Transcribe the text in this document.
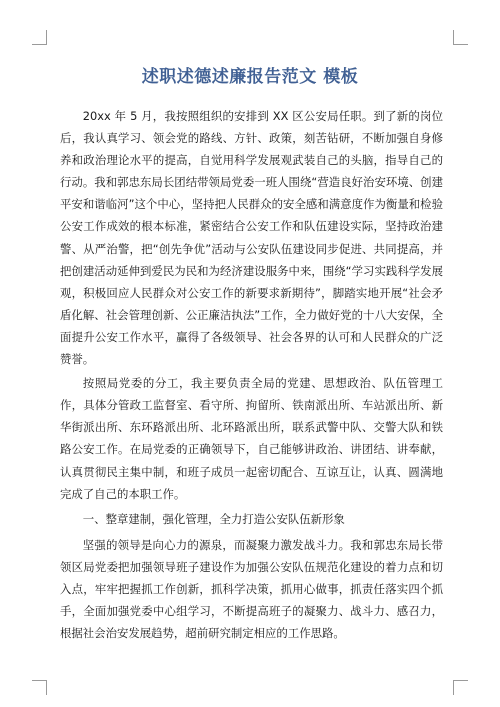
述职述德述廉报告范文 模板

20xx 年 5 月，我按照组织的安排到 XX 区公安局任职。到了新的岗位后，我认真学习、领会党的路线、方针、政策，刻苦钻研，不断加强自身修养和政治理论水平的提高，自觉用科学发展观武装自己的头脑，指导自己的行动。我和郭忠东局长团结带领局党委一班人围绕“营造良好治安环境、创建平安和谐临河”这个中心，坚持把人民群众的安全感和满意度作为衡量和检验公安工作成效的根本标准，紧密结合公安工作和队伍建设实际，坚持政治建警、从严治警，把“创先争优”活动与公安队伍建设同步促进、共同提高，并把创建活动延伸到爱民为民和为经济建设服务中来，围绕“学习实践科学发展观，积极回应人民群众对公安工作的新要求新期待”，脚踏实地开展“社会矛盾化解、社会管理创新、公正廉洁执法”工作，全力做好党的十八大安保，全面提升公安工作水平，赢得了各级领导、社会各界的认可和人民群众的广泛赞誉。

按照局党委的分工，我主要负责全局的党建、思想政治、队伍管理工作，具体分管政工监督室、看守所、拘留所、铁南派出所、车站派出所、新华街派出所、东环路派出所、北环路派出所，联系武警中队、交警大队和铁路公安工作。在局党委的正确领导下，自己能够讲政治、讲团结、讲奉献，认真贯彻民主集中制，和班子成员一起密切配合、互谅互让，认真、圆满地完成了自己的本职工作。

一、整章建制，强化管理，全力打造公安队伍新形象

坚强的领导是向心力的源泉，而凝聚力激发战斗力。我和郭忠东局长带领区局党委把加强领导班子建设作为加强公安队伍规范化建设的着力点和切入点，牢牢把握抓工作创新，抓科学决策，抓用心做事，抓责任落实四个抓手，全面加强党委中心组学习，不断提高班子的凝聚力、战斗力、感召力，根据社会治安发展趋势，超前研究制定相应的工作思路。
